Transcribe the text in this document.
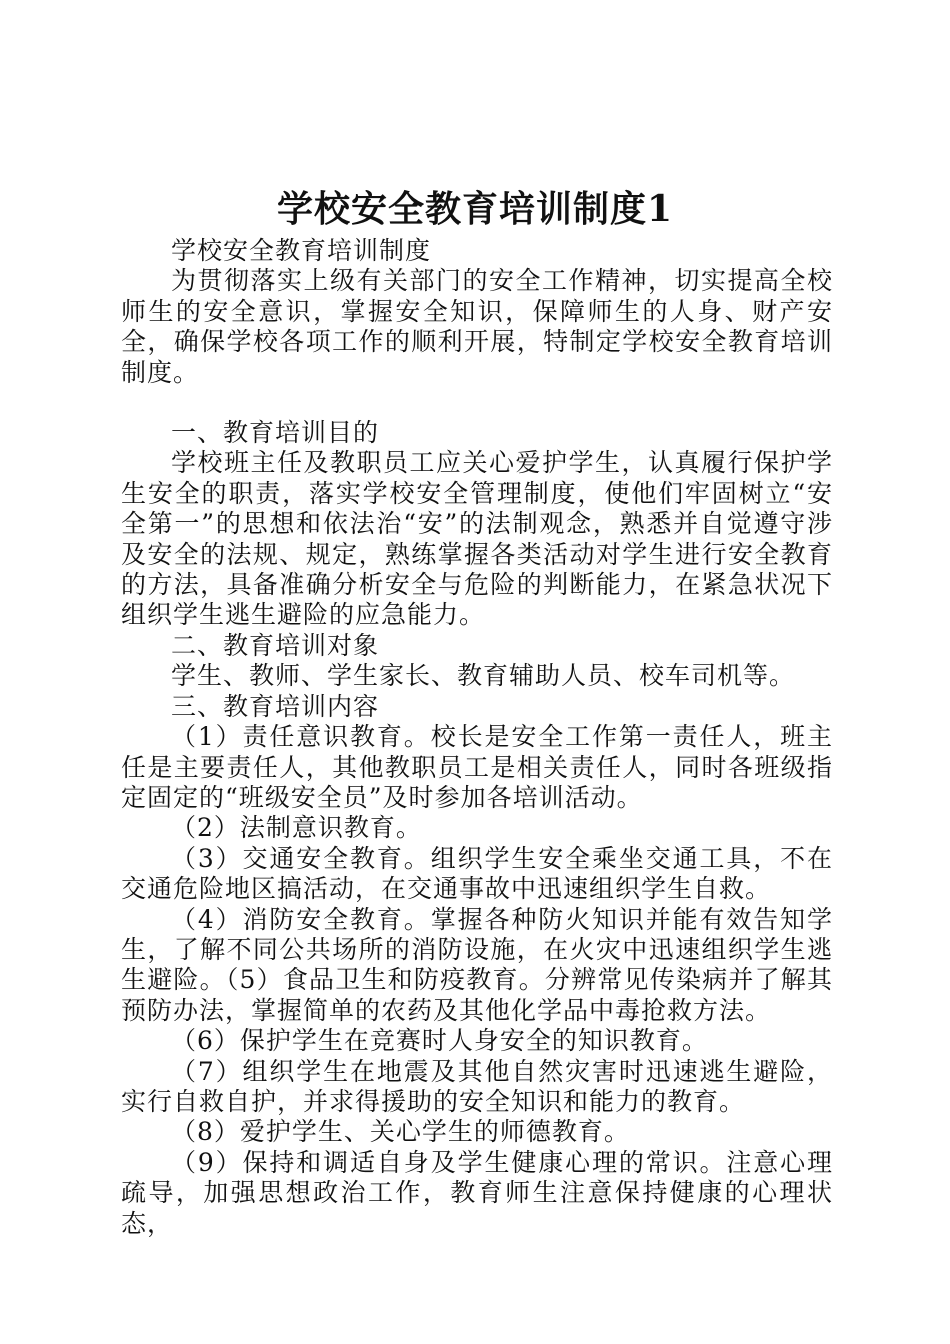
学校安全教育培训制度1

学校安全教育培训制度

为贯彻落实上级有关部门的安全工作精神，切实提高全校师生的安全意识，掌握安全知识，保障师生的人身、财产安全，确保学校各项工作的顺利开展，特制定学校安全教育培训制度。

一、教育培训目的

学校班主任及教职员工应关心爱护学生，认真履行保护学生安全的职责，落实学校安全管理制度，使他们牢固树立“安全第一”的思想和依法治“安”的法制观念，熟悉并自觉遵守涉及安全的法规、规定，熟练掌握各类活动对学生进行安全教育的方法，具备准确分析安全与危险的判断能力，在紧急状况下组织学生逃生避险的应急能力。

二、教育培训对象

学生、教师、学生家长、教育辅助人员、校车司机等。

三、教育培训内容

（1）责任意识教育。校长是安全工作第一责任人，班主任是主要责任人，其他教职员工是相关责任人，同时各班级指定固定的“班级安全员”及时参加各培训活动。

（2）法制意识教育。

（3）交通安全教育。组织学生安全乘坐交通工具，不在交通危险地区搞活动，在交通事故中迅速组织学生自救。

（4）消防安全教育。掌握各种防火知识并能有效告知学生，了解不同公共场所的消防设施，在火灾中迅速组织学生逃生避险。（5）食品卫生和防疫教育。分辨常见传染病并了解其预防办法，掌握简单的农药及其他化学品中毒抢救方法。

（6）保护学生在竞赛时人身安全的知识教育。

（7）组织学生在地震及其他自然灾害时迅速逃生避险，实行自救自护，并求得援助的安全知识和能力的教育。

（8）爱护学生、关心学生的师德教育。

（9）保持和调适自身及学生健康心理的常识。注意心理疏导，加强思想政治工作，教育师生注意保持健康的心理状态，
